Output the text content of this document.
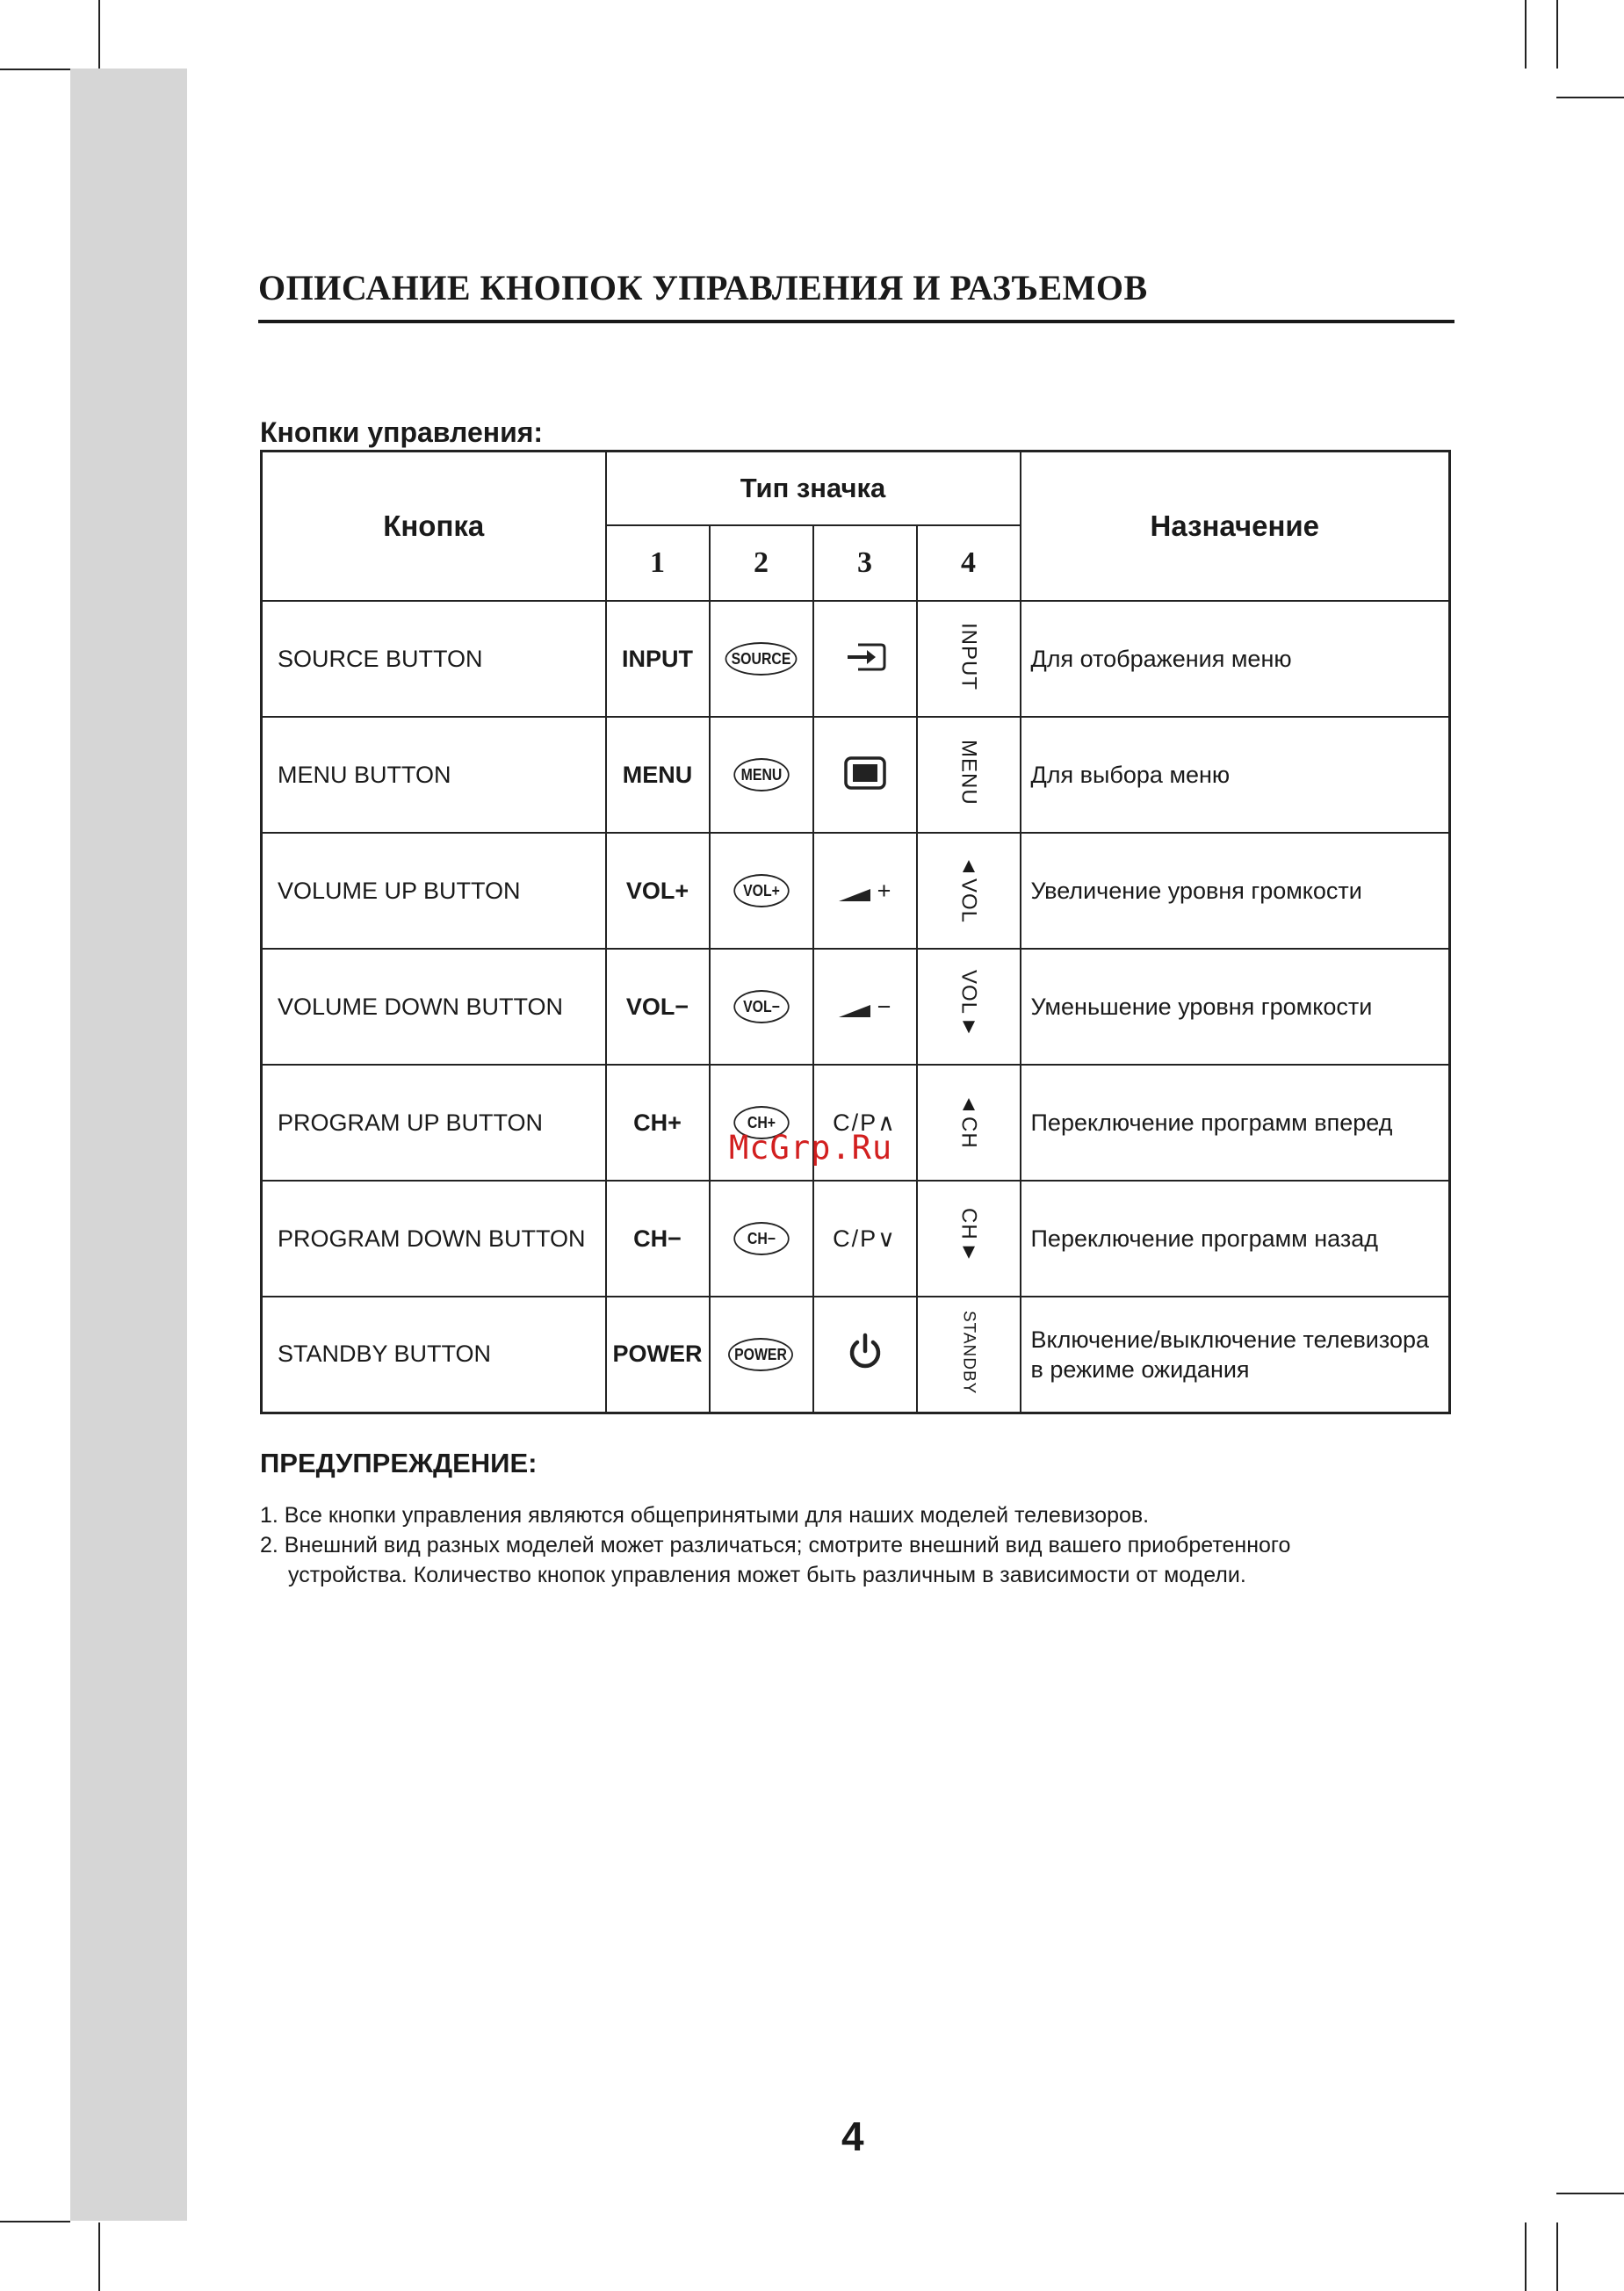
ОПИСАНИЕ КНОПОК УПРАВЛЕНИЯ И РАЗЪЕМОВ
Кнопки управления:
Кнопка	Тип значка				Назначение
	1	2	3	4	
SOURCE BUTTON	INPUT	SOURCE		INPUT	Для отображения меню
MENU BUTTON	MENU	MENU		MENU	Для выбора меню
VOLUME UP BUTTON	VOL+	VOL+	+	▲VOL	Увеличение уровня громкости
VOLUME DOWN BUTTON	VOL−	VOL−	−	VOL▼	Уменьшение уровня громкости
PROGRAM UP BUTTON	CH+	CH+	C/P∧	▲CH	Переключение программ вперед
PROGRAM DOWN BUTTON	CH−	CH−	C/P∨	CH▼	Переключение программ назад
STANDBY BUTTON	POWER	POWER		STANDBY	Включение/выключение телевизора
в режиме ожидания
McGrp.Ru
ПРЕДУПРЕЖДЕНИЕ:
1. Все кнопки управления являются общепринятыми для наших моделей телевизоров.
2. Внешний вид разных моделей может различаться; смотрите внешний вид вашего приобретенного
устройства. Количество кнопок управления может быть различным в зависимости от модели.
4
